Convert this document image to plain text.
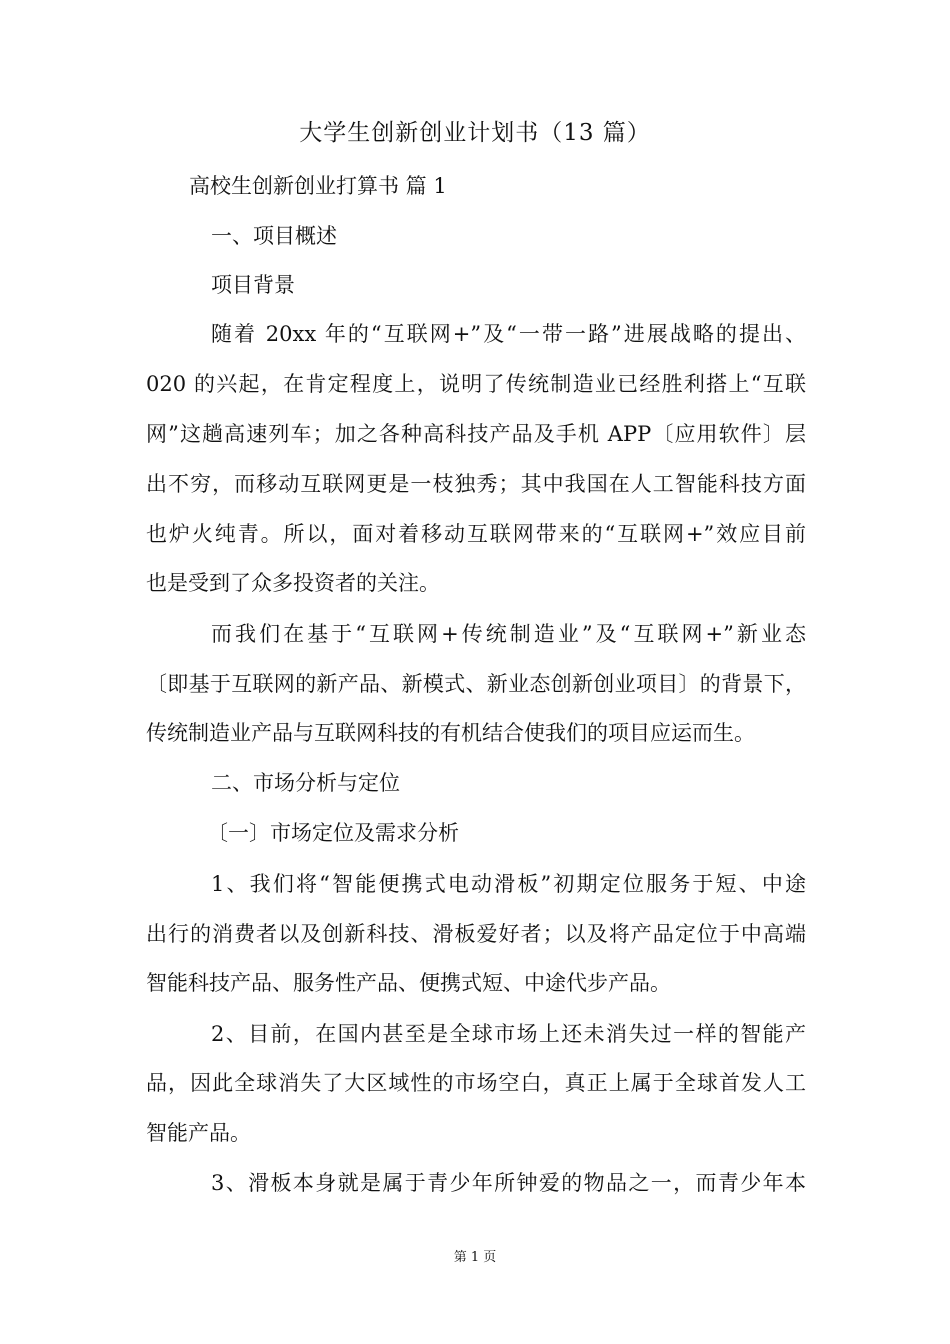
大学生创新创业计划书（13 篇）
高校生创新创业打算书 篇 1
一、项目概述
项目背景
随着 20xx 年的“互联网+”及“一带一路”进展战略的提出、
020 的兴起，在肯定程度上，说明了传统制造业已经胜利搭上“互联
网”这趟高速列车；加之各种高科技产品及手机 APP〔应用软件〕层
出不穷，而移动互联网更是一枝独秀；其中我国在人工智能科技方面
也炉火纯青。所以，面对着移动互联网带来的“互联网+”效应目前
也是受到了众多投资者的关注。
而我们在基于“互联网+传统制造业”及“互联网+”新业态
〔即基于互联网的新产品、新模式、新业态创新创业项目〕的背景下，
传统制造业产品与互联网科技的有机结合使我们的项目应运而生。
二、市场分析与定位
〔一〕市场定位及需求分析
1、我们将“智能便携式电动滑板”初期定位服务于短、中途
出行的消费者以及创新科技、滑板爱好者；以及将产品定位于中高端
智能科技产品、服务性产品、便携式短、中途代步产品。
2、目前，在国内甚至是全球市场上还未消失过一样的智能产
品，因此全球消失了大区域性的市场空白，真正上属于全球首发人工
智能产品。
3、滑板本身就是属于青少年所钟爱的物品之一，而青少年本
第 1 页
